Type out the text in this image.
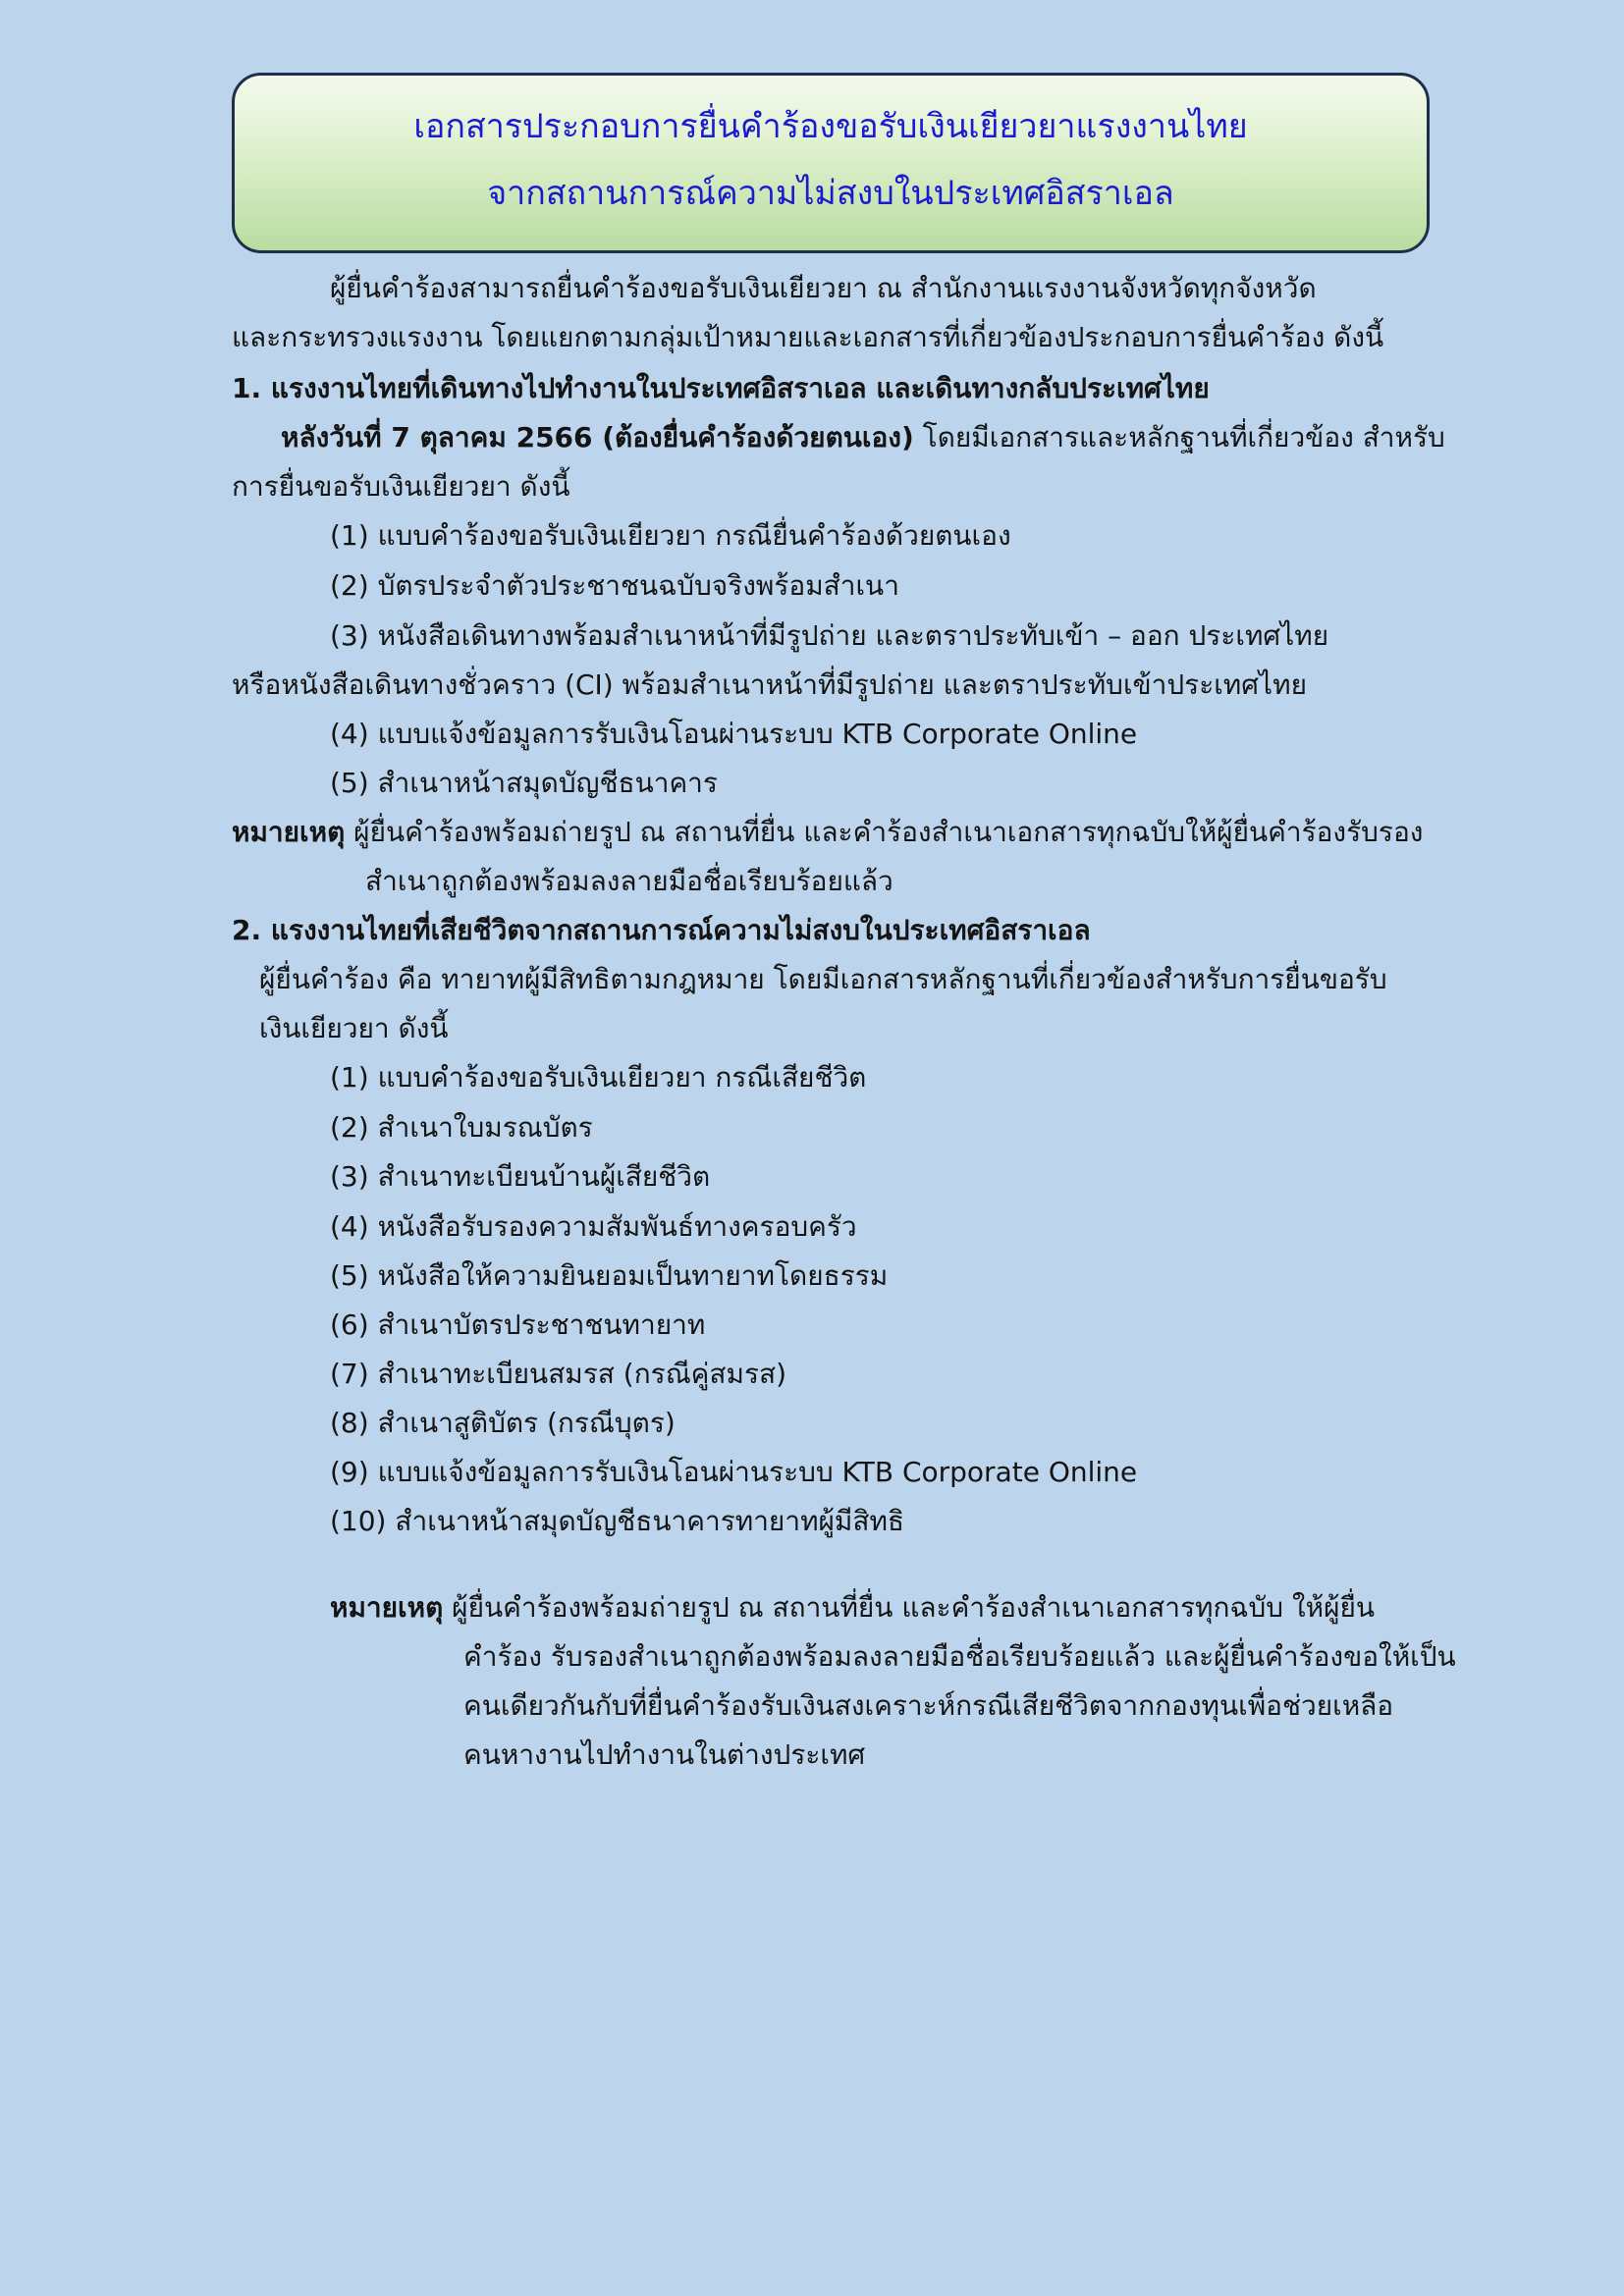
เอกสารประกอบการยื่นคำร้องขอรับเงินเยียวยาแรงงานไทย
จากสถานการณ์ความไม่สงบในประเทศอิสราเอล
ผู้ยื่นคำร้องสามารถยื่นคำร้องขอรับเงินเยียวยา ณ สำนักงานแรงงานจังหวัดทุกจังหวัด
และกระทรวงแรงงาน โดยแยกตามกลุ่มเป้าหมายและเอกสารที่เกี่ยวข้องประกอบการยื่นคำร้อง ดังนี้
1. แรงงานไทยที่เดินทางไปทำงานในประเทศอิสราเอล และเดินทางกลับประเทศไทย
หลังวันที่ 7 ตุลาคม 2566 (ต้องยื่นคำร้องด้วยตนเอง) โดยมีเอกสารและหลักฐานที่เกี่ยวข้อง สำหรับ
การยื่นขอรับเงินเยียวยา ดังนี้
(1) แบบคำร้องขอรับเงินเยียวยา กรณียื่นคำร้องด้วยตนเอง
(2) บัตรประจำตัวประชาชนฉบับจริงพร้อมสำเนา
(3) หนังสือเดินทางพร้อมสำเนาหน้าที่มีรูปถ่าย และตราประทับเข้า – ออก ประเทศไทย
หรือหนังสือเดินทางชั่วคราว (CI) พร้อมสำเนาหน้าที่มีรูปถ่าย และตราประทับเข้าประเทศไทย
(4) แบบแจ้งข้อมูลการรับเงินโอนผ่านระบบ KTB Corporate Online
(5) สำเนาหน้าสมุดบัญชีธนาคาร
หมายเหตุ ผู้ยื่นคำร้องพร้อมถ่ายรูป ณ สถานที่ยื่น และคำร้องสำเนาเอกสารทุกฉบับให้ผู้ยื่นคำร้องรับรอง
สำเนาถูกต้องพร้อมลงลายมือชื่อเรียบร้อยแล้ว
2. แรงงานไทยที่เสียชีวิตจากสถานการณ์ความไม่สงบในประเทศอิสราเอล
ผู้ยื่นคำร้อง คือ ทายาทผู้มีสิทธิตามกฎหมาย โดยมีเอกสารหลักฐานที่เกี่ยวข้องสำหรับการยื่นขอรับ
เงินเยียวยา ดังนี้
(1) แบบคำร้องขอรับเงินเยียวยา กรณีเสียชีวิต
(2) สำเนาใบมรณบัตร
(3) สำเนาทะเบียนบ้านผู้เสียชีวิต
(4) หนังสือรับรองความสัมพันธ์ทางครอบครัว
(5) หนังสือให้ความยินยอมเป็นทายาทโดยธรรม
(6) สำเนาบัตรประชาชนทายาท
(7) สำเนาทะเบียนสมรส (กรณีคู่สมรส)
(8) สำเนาสูติบัตร (กรณีบุตร)
(9) แบบแจ้งข้อมูลการรับเงินโอนผ่านระบบ KTB Corporate Online
(10) สำเนาหน้าสมุดบัญชีธนาคารทายาทผู้มีสิทธิ
หมายเหตุ ผู้ยื่นคำร้องพร้อมถ่ายรูป ณ สถานที่ยื่น และคำร้องสำเนาเอกสารทุกฉบับ ให้ผู้ยื่น
คำร้อง รับรองสำเนาถูกต้องพร้อมลงลายมือชื่อเรียบร้อยแล้ว และผู้ยื่นคำร้องขอให้เป็น
คนเดียวกันกับที่ยื่นคำร้องรับเงินสงเคราะห์กรณีเสียชีวิตจากกองทุนเพื่อช่วยเหลือ
คนหางานไปทำงานในต่างประเทศ
